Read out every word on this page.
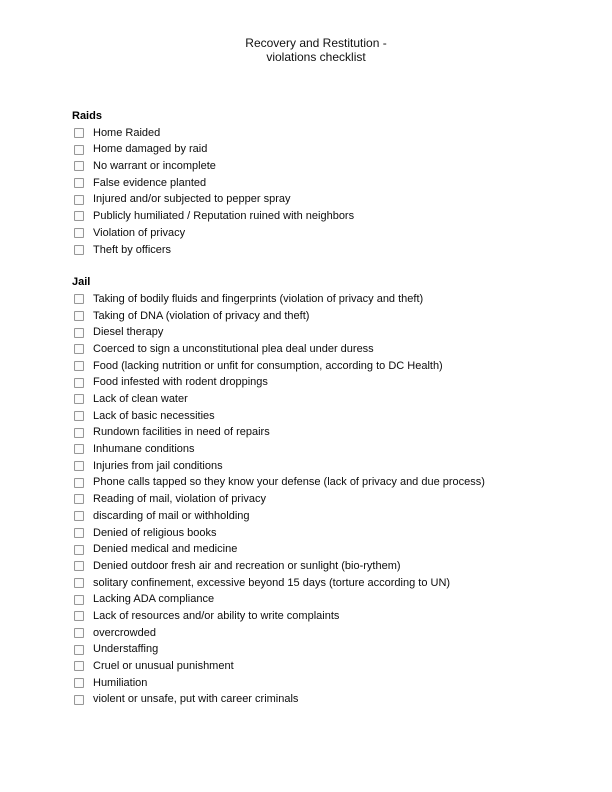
Recovery and Restitution -
violations checklist
Raids
Home Raided
Home damaged by raid
No warrant or incomplete
False evidence planted
Injured and/or subjected to pepper spray
Publicly humiliated / Reputation ruined with neighbors
Violation of privacy
Theft by officers
Jail
Taking of bodily fluids and fingerprints (violation of privacy and theft)
Taking of DNA (violation of privacy and theft)
Diesel therapy
Coerced to sign a unconstitutional plea deal under duress
Food (lacking nutrition or unfit for consumption, according to DC Health)
Food infested with rodent droppings
Lack of clean water
Lack of basic necessities
Rundown facilities in need of repairs
Inhumane conditions
Injuries from jail conditions
Phone calls tapped so they know your defense (lack of privacy and due process)
Reading of mail, violation of privacy
discarding of mail or withholding
Denied of religious books
Denied medical and medicine
Denied outdoor fresh air and recreation or sunlight (bio-rythem)
solitary confinement, excessive beyond 15 days (torture according to UN)
Lacking ADA compliance
Lack of resources and/or ability to write complaints
overcrowded
Understaffing
Cruel or unusual punishment
Humiliation
violent or unsafe, put with career criminals
